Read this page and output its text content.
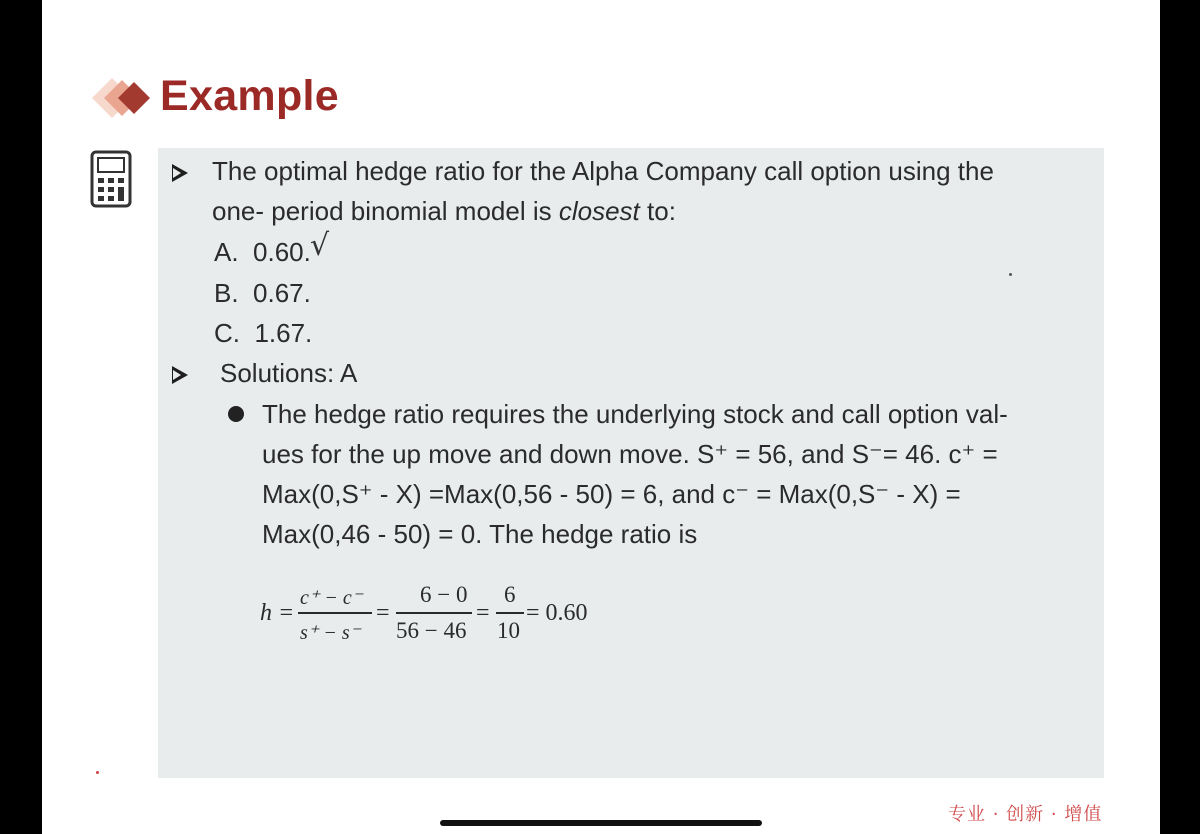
Example
The optimal hedge ratio for the Alpha Company call option using the
one- period binomial model is closest to:
A. 0.60. √
B. 0.67.
C. 1.67.
Solutions: A
The hedge ratio requires the underlying stock and call option val-
ues for the up move and down move. S⁺ = 56, and S⁻= 46. c⁺ =
Max(0,S⁺ - X) =Max(0,56 - 50) = 6, and c⁻ = Max(0,S⁻ - X) =
Max(0,46 - 50) = 0. The hedge ratio is
h =
c⁺ − c⁻
s⁺ − s⁻
=
6 − 0
56 − 46
=
6
10
= 0.60
专业 · 创新 · 增值
